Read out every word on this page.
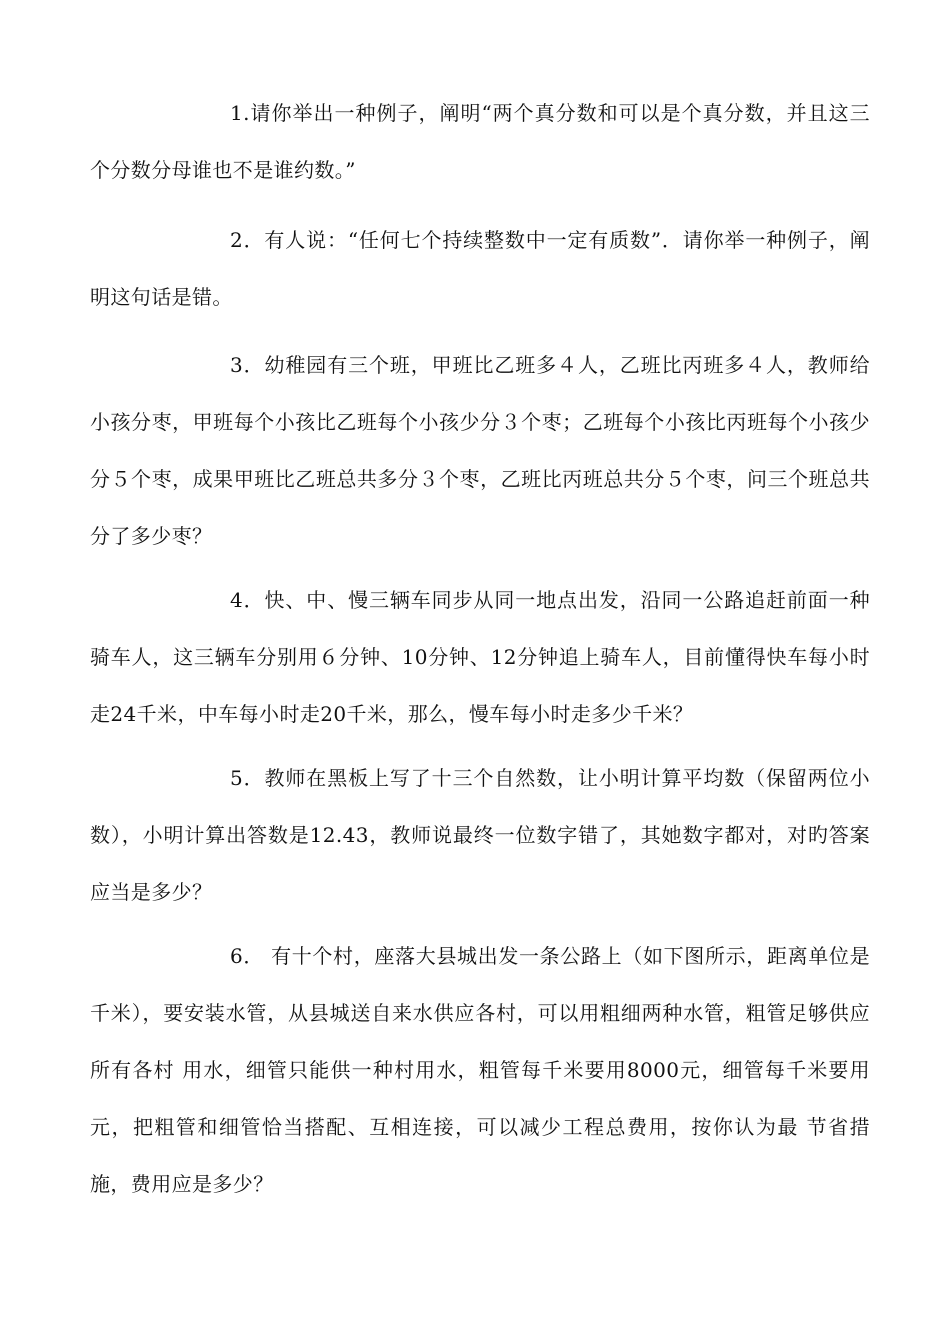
1.请你举出一种例子，阐明“两个真分数和可以是个真分数，并且这三个分数分母谁也不是谁约数。”

2．有人说：“任何七个持续整数中一定有质数”．请你举一种例子，阐明这句话是错。

3．幼稚园有三个班，甲班比乙班多４人，乙班比丙班多４人，教师给小孩分枣，甲班每个小孩比乙班每个小孩少分３个枣；乙班每个小孩比丙班每个小孩少分５个枣，成果甲班比乙班总共多分３个枣，乙班比丙班总共分５个枣，问三个班总共分了多少枣？

4．快、中、慢三辆车同步从同一地点出发，沿同一公路追赶前面一种骑车人，这三辆车分别用６分钟、10分钟、12分钟追上骑车人，目前懂得快车每小时走24千米，中车每小时走20千米，那么，慢车每小时走多少千米？

5．教师在黑板上写了十三个自然数，让小明计算平均数（保留两位小数），小明计算出答数是12.43，教师说最终一位数字错了，其她数字都对，对旳答案应当是多少？

6． 有十个村，座落大县城出发一条公路上（如下图所示，距离单位是千米），要安装水管，从县城送自来水供应各村，可以用粗细两种水管，粗管足够供应所有各村 用水，细管只能供一种村用水，粗管每千米要用8000元，细管每千米要用元，把粗管和细管恰当搭配、互相连接，可以减少工程总费用，按你认为最 节省措施，费用应是多少？
